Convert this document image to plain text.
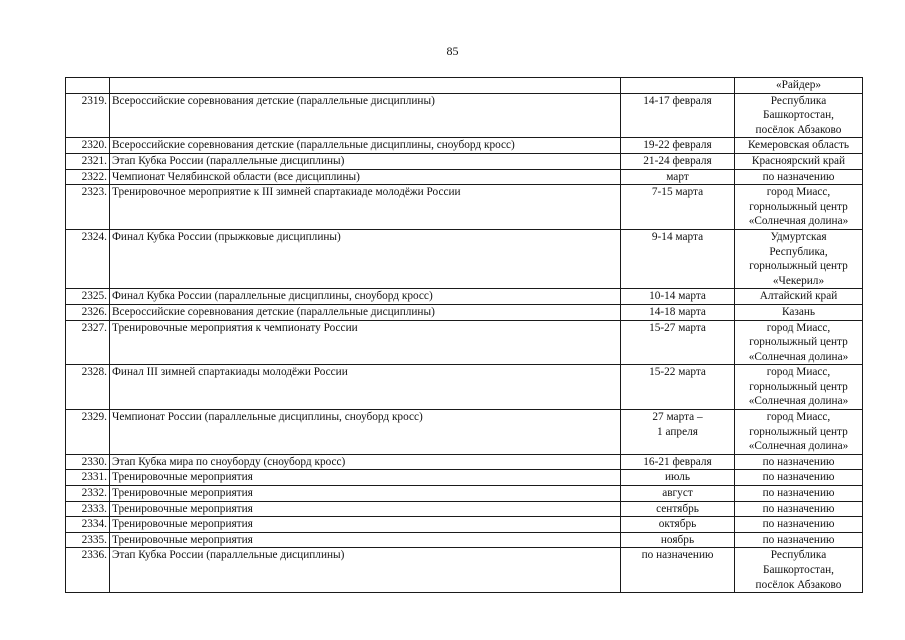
85
			«Райдер»
2319.	Всероссийские соревнования детские (параллельные дисциплины)	14-17 февраля	Республика
Башкортостан,
посёлок Абзаково
2320.	Всероссийские соревнования детские (параллельные дисциплины, сноуборд кросс)	19-22 февраля	Кемеровская область
2321.	Этап Кубка России (параллельные дисциплины)	21-24 февраля	Красноярский край
2322.	Чемпионат Челябинской области (все дисциплины)	март	по назначению
2323.	Тренировочное мероприятие к III зимней спартакиаде молодёжи России	7-15 марта	город Миасс,
горнолыжный центр
«Солнечная долина»
2324.	Финал Кубка России (прыжковые дисциплины)	9-14 марта	Удмуртская
Республика,
горнолыжный центр
«Чекерил»
2325.	Финал Кубка России (параллельные дисциплины, сноуборд кросс)	10-14 марта	Алтайский край
2326.	Всероссийские соревнования детские (параллельные дисциплины)	14-18 марта	Казань
2327.	Тренировочные мероприятия к чемпионату России	15-27 марта	город Миасс,
горнолыжный центр
«Солнечная долина»
2328.	Финал III зимней спартакиады молодёжи России	15-22 марта	город Миасс,
горнолыжный центр
«Солнечная долина»
2329.	Чемпионат России (параллельные дисциплины, сноуборд кросс)	27 марта –
1 апреля	город Миасс,
горнолыжный центр
«Солнечная долина»
2330.	Этап Кубка мира по сноуборду (сноуборд кросс)	16-21 февраля	по назначению
2331.	Тренировочные мероприятия	июль	по назначению
2332.	Тренировочные мероприятия	август	по назначению
2333.	Тренировочные мероприятия	сентябрь	по назначению
2334.	Тренировочные мероприятия	октябрь	по назначению
2335.	Тренировочные мероприятия	ноябрь	по назначению
2336.	Этап Кубка России (параллельные дисциплины)	по назначению	Республика
Башкортостан,
посёлок Абзаково
